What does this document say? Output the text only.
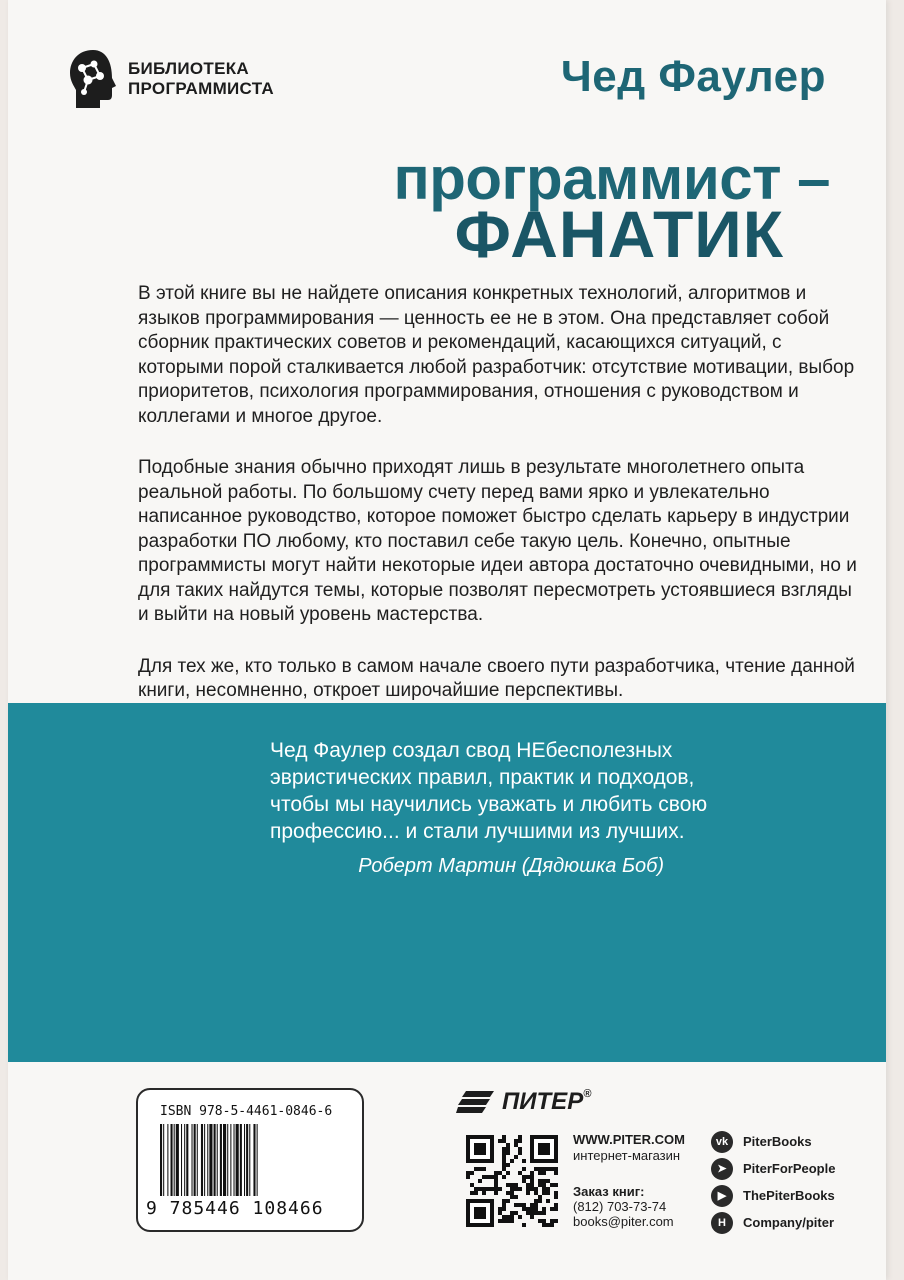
БИБЛИОТЕКА
ПРОГРАММИСТА	Чед Фаулер
программист –
ФАНАТИК

В этой книге вы не найдете описания конкретных технологий, алгоритмов и языков программирования — ценность ее не в этом. Она представляет собой сборник практических советов и рекомендаций, касающихся ситуаций, с которыми порой сталкивается любой разработчик: отсутствие мотивации, выбор приоритетов, психология программирования, отношения с руководством и коллегами и многое другое.

Подобные знания обычно приходят лишь в результате многолетнего опыта реальной работы. По большому счету перед вами ярко и увлекательно написанное руководство, которое поможет быстро сделать карьеру в индустрии разработки ПО любому, кто поставил себе такую цель. Конечно, опытные программисты могут найти некоторые идеи автора достаточно очевидными, но и для таких найдутся темы, которые позволят пересмотреть устоявшиеся взгляды и выйти на новый уровень мастерства.

Для тех же, кто только в самом начале своего пути разработчика, чтение данной книги, несомненно, откроет широчайшие перспективы.

Чед Фаулер создал свод НЕбесполезных эвристических правил, практик и подходов, чтобы мы научились уважать и любить свою профессию... и стали лучшими из лучших.
Роберт Мартин (Дядюшка Боб)
ISBN 978-5-4461-0846-6
9 785446 108466
ПИТЕР®
WWW.PITER.COM
интернет-магазин
Заказ книг:
(812) 703-73-74
books@piter.com
vk	PiterBooks
➤	PiterForPeople
▶	ThePiterBooks
H	Company/piter
